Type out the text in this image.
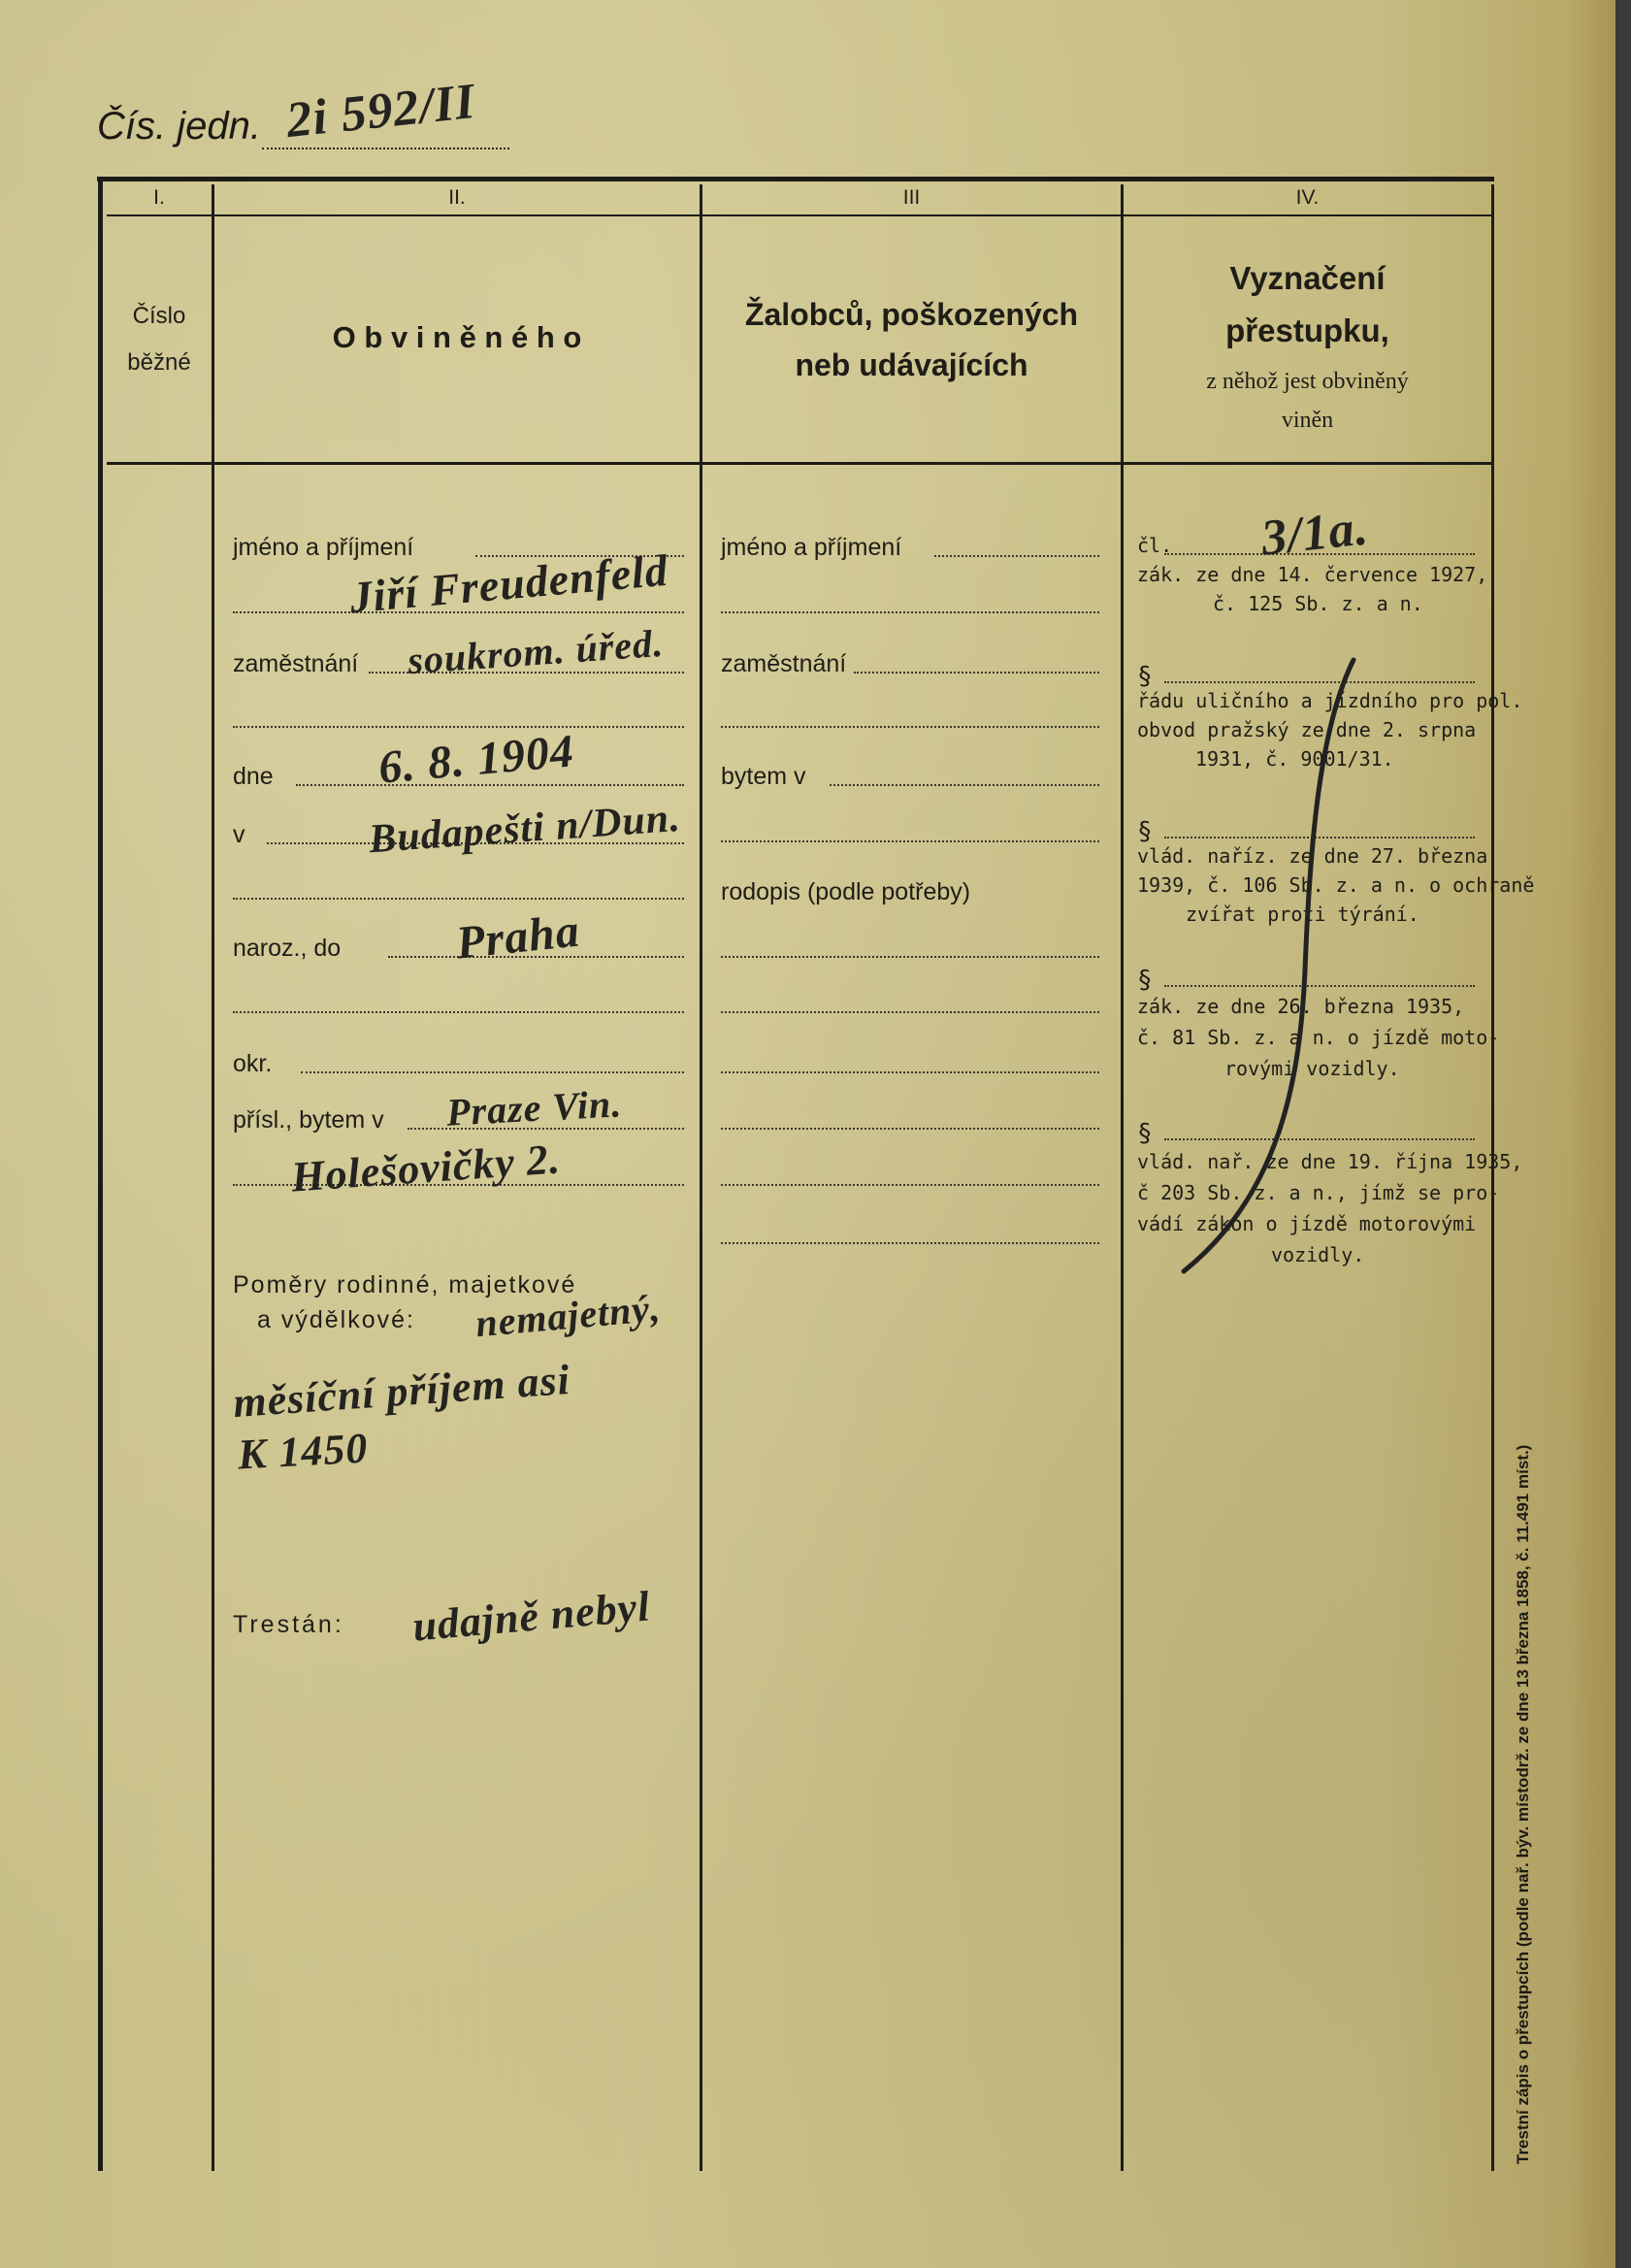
Čís. jedn. 2i 592/II
I.	II.	III	IV.
Číslo
běžné
O b v i n ě n é h o
Žalobců, poškozených
neb udávajících
Vyznačení
přestupku,
z něhož jest obviněný
viněn
jméno a příjmení
Jiří Freudenfeld
zaměstnání soukrom. úřed.
dne 6. 8. 1904
v	Budapešti n/Dun.
naroz., do Praha
okr.
přísl., bytem v Praze Vin.
Holešovičky 2.
Poměry rodinné, majetkové
a výdělkové: nemajetný,
měsíční příjem asi
K 1450
Trestán: udajně nebyl
jméno a příjmení
zaměstnání
bytem v
rodopis (podle potřeby)
čl. 3/1a.
zák. ze dne 14. července 1927,
č. 125 Sb. z. a n.
§
řádu uličního a jízdního pro pol.
obvod pražský ze dne 2. srpna
1931, č. 9001/31.
§
vlád. naříz. ze dne 27. března
1939, č. 106 Sb. z. a n. o ochraně
zvířat proti týrání.
§
zák. ze dne 26. března 1935,
č. 81 Sb. z. a n. o jízdě moto-
rovými vozidly.
§
vlád. nař. ze dne 19. října 1935,
č 203 Sb. z. a n., jímž se pro-
vádí zákon o jízdě motorovými
vozidly.
Trestní zápis o přestupcích (podle nař. býv. místodrž. ze dne 13 března 1858, č. 11.491 míst.)
